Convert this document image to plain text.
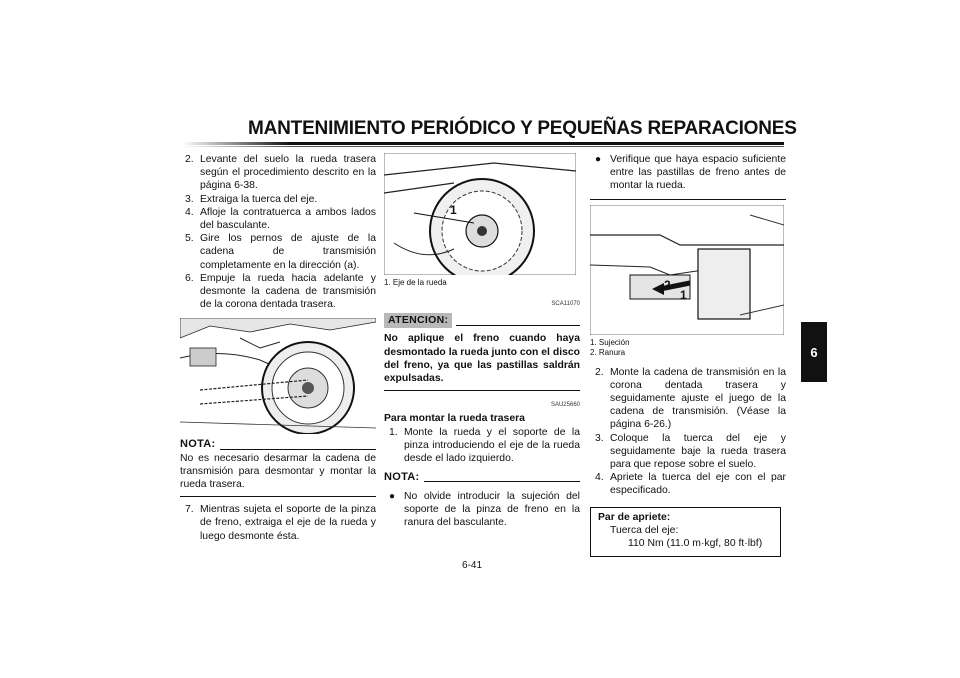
MANTENIMIENTO PERIÓDICO Y PEQUEÑAS REPARACIONES
6
2. Levante del suelo la rueda trasera según el procedimiento descrito en la página 6-38.
3. Extraiga la tuerca del eje.
4. Afloje la contratuerca a ambos lados del basculante.
5. Gire los pernos de ajuste de la cadena de transmisión completamente en la dirección (a).
6. Empuje la rueda hacia adelante y desmonte la cadena de transmisión de la corona dentada trasera.
NOTA:
No es necesario desarmar la cadena de transmisión para desmontar y montar la rueda trasera.
7. Mientras sujeta el soporte de la pinza de freno, extraiga el eje de la rueda y luego desmonte ésta.
1
1. Eje de la rueda
SCA11070
ATENCION:
No aplique el freno cuando haya desmontado la rueda junto con el disco del freno, ya que las pastillas saldrán expulsadas.
SAU25660
Para montar la rueda trasera
1. Monte la rueda y el soporte de la pinza introduciendo el eje de la rueda desde el lado izquierdo.
NOTA:
● Verifique que haya espacio suficiente entre las pastillas de freno antes de montar la rueda.
2
1
1. Sujeción
2. Ranura
2. Monte la cadena de transmisión en la corona dentada trasera y seguidamente ajuste el juego de la cadena de transmisión. (Véase la página 6-26.)
3. Coloque la tuerca del eje y seguidamente baje la rueda trasera para que repose sobre el suelo.
4. Apriete la tuerca del eje con el par especificado.
Par de apriete:
Tuerca del eje:
110 Nm (11.0 m·kgf, 80 ft·lbf)
● No olvide introducir la sujeción del soporte de la pinza de freno en la ranura del basculante.
6-41
